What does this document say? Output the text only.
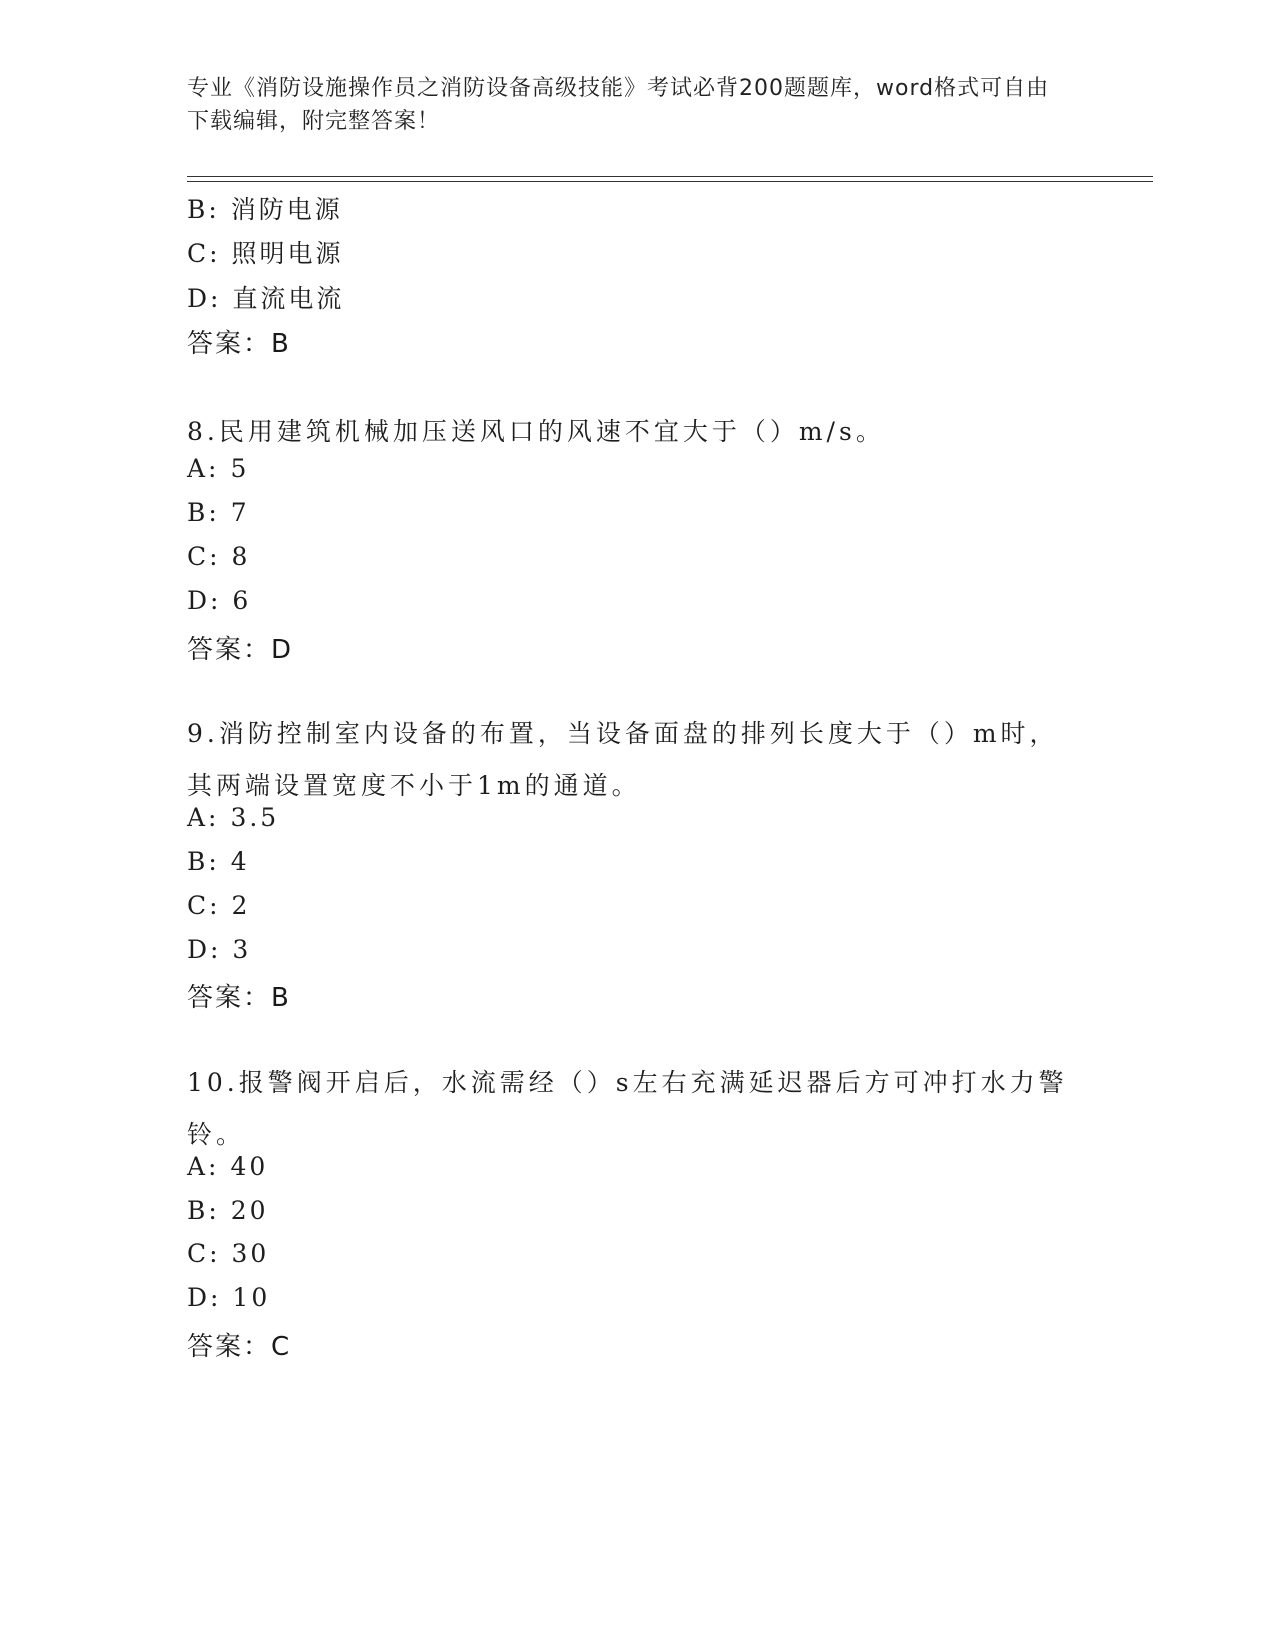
专业《消防设施操作员之消防设备高级技能》考试必背200题题库，word格式可自由下载编辑，附完整答案！
B: 消防电源
C: 照明电源
D: 直流电流
答案：B
8.民用建筑机械加压送风口的风速不宜大于（）m/s。
A: 5
B: 7
C: 8
D: 6
答案：D
9.消防控制室内设备的布置，当设备面盘的排列长度大于（）m时，其两端设置宽度不小于1m的通道。
A: 3.5
B: 4
C: 2
D: 3
答案：B
10.报警阀开启后，水流需经（）s左右充满延迟器后方可冲打水力警铃。
A: 40
B: 20
C: 30
D: 10
答案：C
